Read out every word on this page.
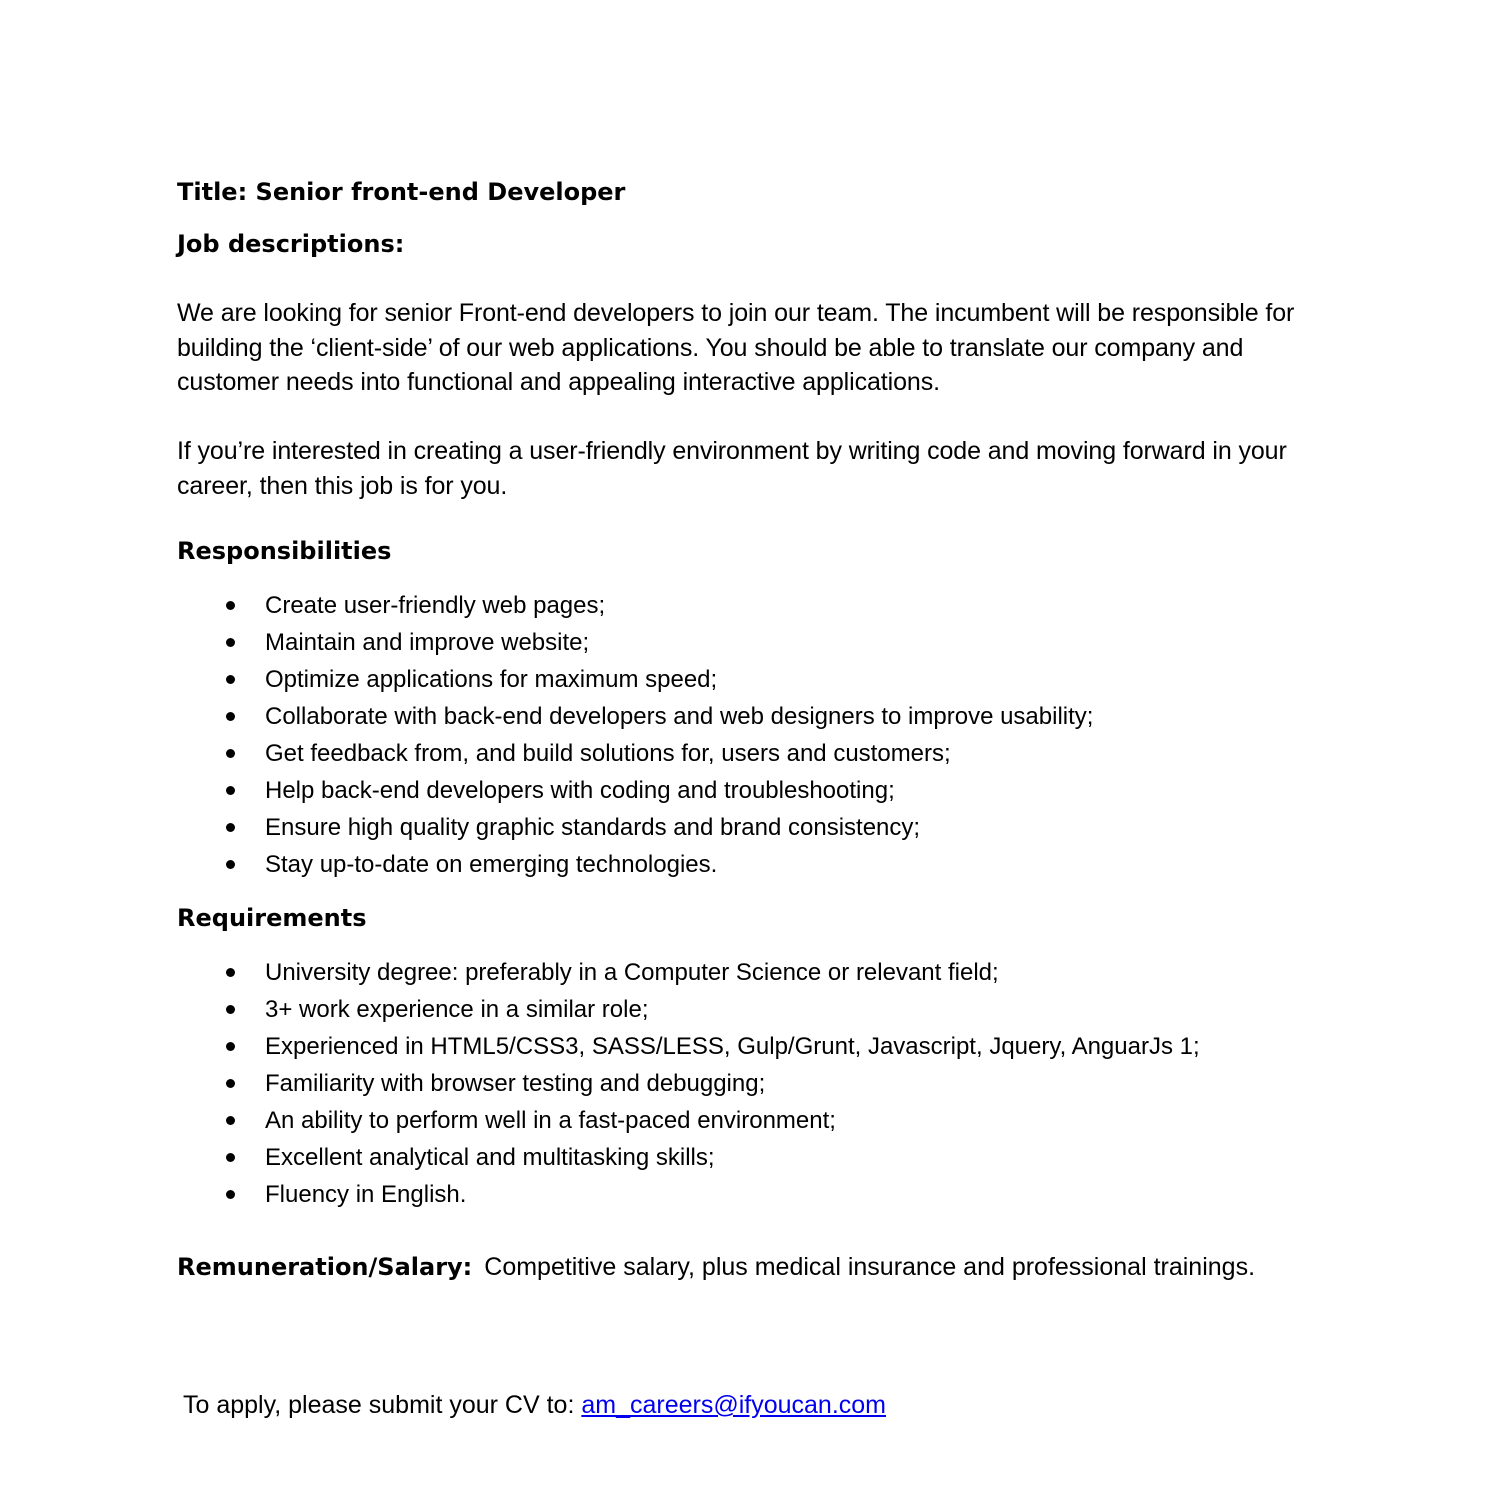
Title: Senior front-end Developer
Job descriptions:

We are looking for senior Front-end developers to join our team. The incumbent will be responsible for building the ‘client-side’ of our web applications. You should be able to translate our company and customer needs into functional and appealing interactive applications.

If you’re interested in creating a user-friendly environment by writing code and moving forward in your career, then this job is for you.

Responsibilities
Create user-friendly web pages;
Maintain and improve website;
Optimize applications for maximum speed;
Collaborate with back-end developers and web designers to improve usability;
Get feedback from, and build solutions for, users and customers;
Help back-end developers with coding and troubleshooting;
Ensure high quality graphic standards and brand consistency;
Stay up-to-date on emerging technologies.
Requirements
University degree: preferably in a Computer Science or relevant field;
3+ work experience in a similar role;
Experienced in HTML5/CSS3, SASS/LESS, Gulp/Grunt, Javascript, Jquery, AnguarJs 1;
Familiarity with browser testing and debugging;
An ability to perform well in a fast-paced environment;
Excellent analytical and multitasking skills;
Fluency in English.
Remuneration/Salary: Competitive salary, plus medical insurance and professional trainings.
To apply, please submit your CV to: am_careers@ifyoucan.com
